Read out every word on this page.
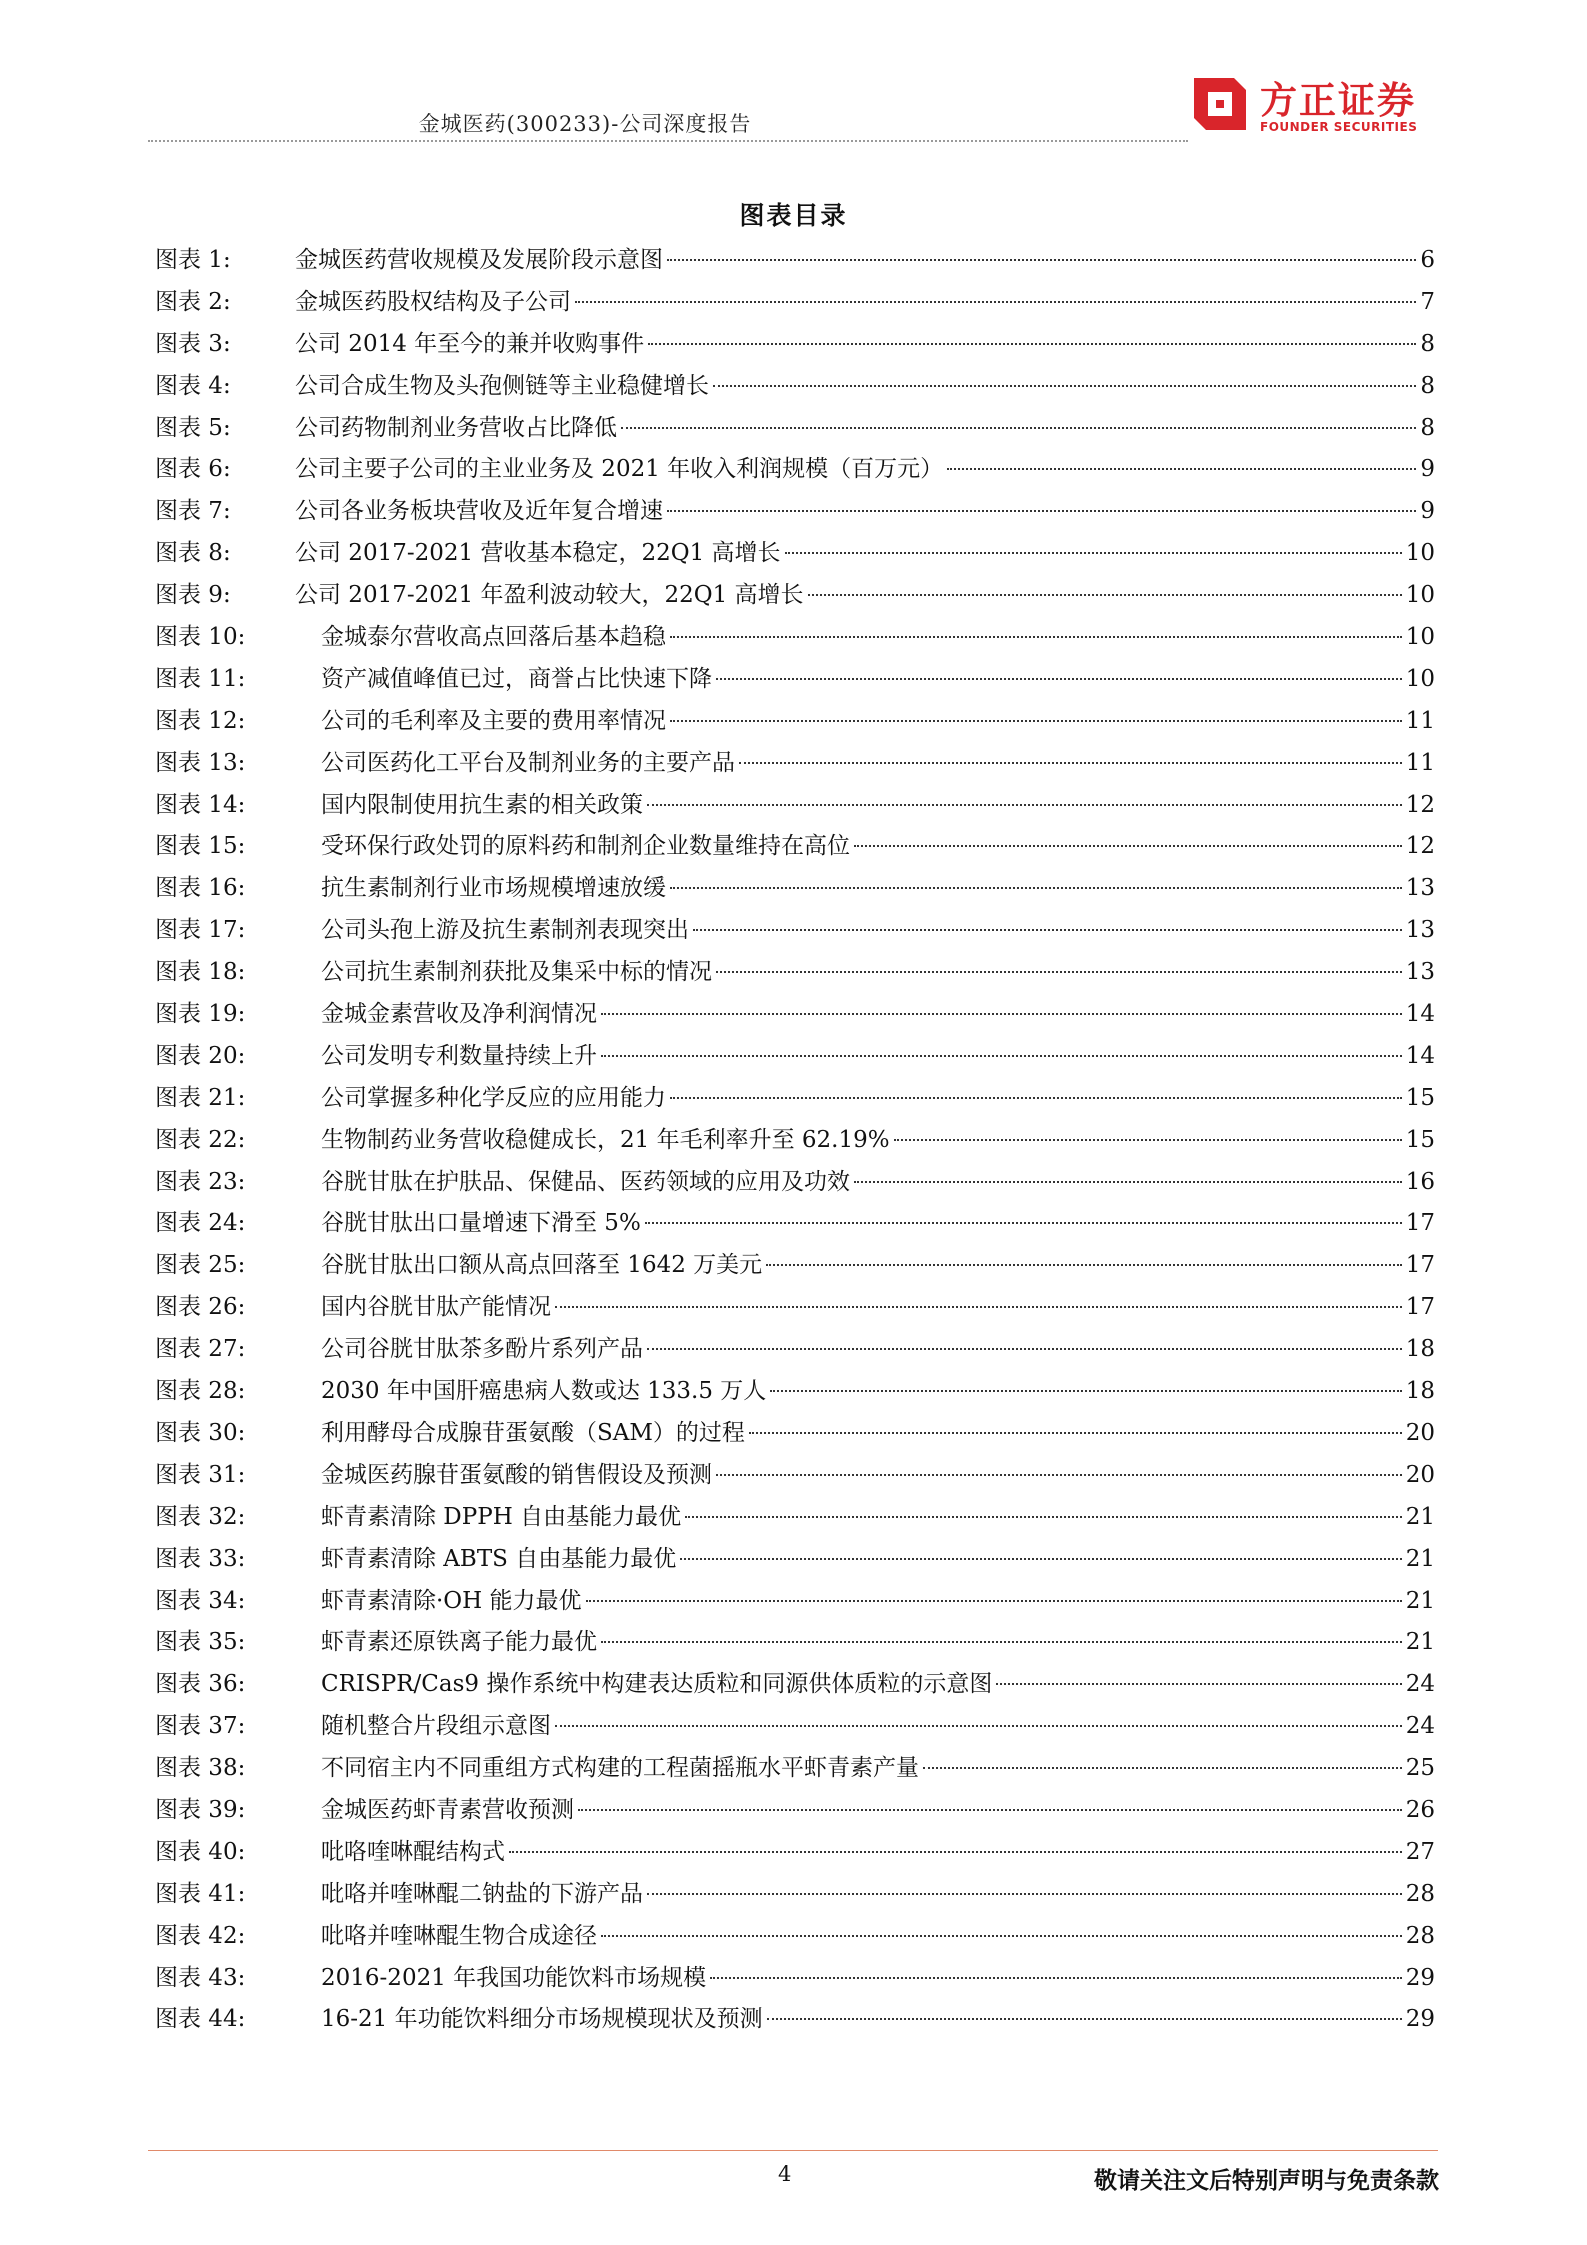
金城医药(300233)-公司深度报告
方正证券
FOUNDER SECURITIES
图表目录
图表 1:	金城医药营收规模及发展阶段示意图	6
图表 2:	金城医药股权结构及子公司	7
图表 3:	公司 2014 年至今的兼并收购事件	8
图表 4:	公司合成生物及头孢侧链等主业稳健增长	8
图表 5:	公司药物制剂业务营收占比降低	8
图表 6:	公司主要子公司的主业业务及 2021 年收入利润规模（百万元）	9
图表 7:	公司各业务板块营收及近年复合增速	9
图表 8:	公司 2017-2021 营收基本稳定，22Q1 高增长	10
图表 9:	公司 2017-2021 年盈利波动较大，22Q1 高增长	10
图表 10:	金城泰尔营收高点回落后基本趋稳	10
图表 11:	资产减值峰值已过，商誉占比快速下降	10
图表 12:	公司的毛利率及主要的费用率情况	11
图表 13:	公司医药化工平台及制剂业务的主要产品	11
图表 14:	国内限制使用抗生素的相关政策	12
图表 15:	受环保行政处罚的原料药和制剂企业数量维持在高位	12
图表 16:	抗生素制剂行业市场规模增速放缓	13
图表 17:	公司头孢上游及抗生素制剂表现突出	13
图表 18:	公司抗生素制剂获批及集采中标的情况	13
图表 19:	金城金素营收及净利润情况	14
图表 20:	公司发明专利数量持续上升	14
图表 21:	公司掌握多种化学反应的应用能力	15
图表 22:	生物制药业务营收稳健成长，21 年毛利率升至 62.19%	15
图表 23:	谷胱甘肽在护肤品、保健品、医药领域的应用及功效	16
图表 24:	谷胱甘肽出口量增速下滑至 5%	17
图表 25:	谷胱甘肽出口额从高点回落至 1642 万美元	17
图表 26:	国内谷胱甘肽产能情况	17
图表 27:	公司谷胱甘肽茶多酚片系列产品	18
图表 28:	2030 年中国肝癌患病人数或达 133.5 万人	18
图表 30:	利用酵母合成腺苷蛋氨酸（SAM）的过程	20
图表 31:	金城医药腺苷蛋氨酸的销售假设及预测	20
图表 32:	虾青素清除 DPPH 自由基能力最优	21
图表 33:	虾青素清除 ABTS 自由基能力最优	21
图表 34:	虾青素清除·OH 能力最优	21
图表 35:	虾青素还原铁离子能力最优	21
图表 36:	CRISPR/Cas9 操作系统中构建表达质粒和同源供体质粒的示意图	24
图表 37:	随机整合片段组示意图	24
图表 38:	不同宿主内不同重组方式构建的工程菌摇瓶水平虾青素产量	25
图表 39:	金城医药虾青素营收预测	26
图表 40:	吡咯喹啉醌结构式	27
图表 41:	吡咯并喹啉醌二钠盐的下游产品	28
图表 42:	吡咯并喹啉醌生物合成途径	28
图表 43:	2016-2021 年我国功能饮料市场规模	29
图表 44:	16-21 年功能饮料细分市场规模现状及预测	29
4	敬请关注文后特别声明与免责条款
